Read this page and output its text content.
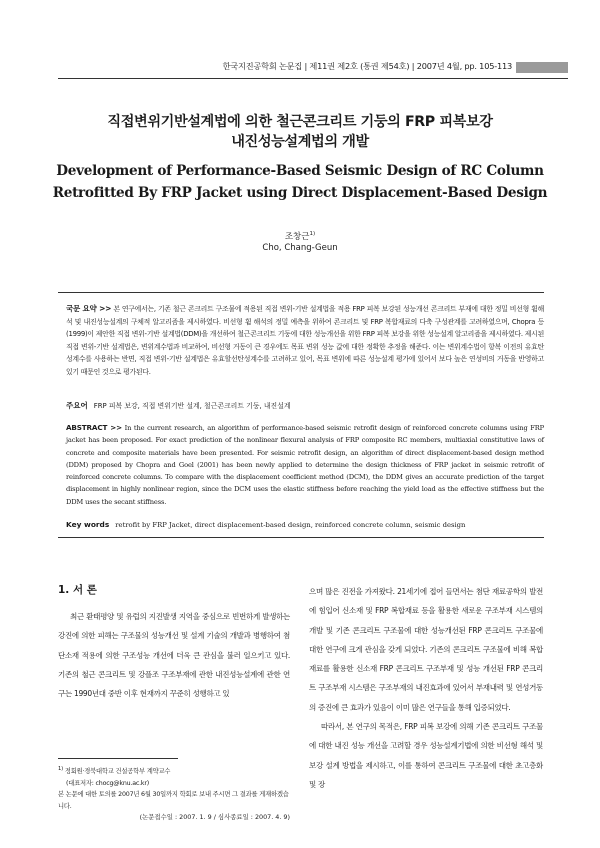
한국지진공학회 논문집 | 제11권 제2호 (통권 제54호) | 2007년 4월, pp. 105-113
직접변위기반설계법에 의한 철근콘크리트 기둥의 FRP 피복보강
내진성능설계법의 개발
Development of Performance-Based Seismic Design of RC Column
Retrofitted By FRP Jacket using Direct Displacement-Based Design
조창근$^{1)}$
Cho, Chang-Geun
국문 요약 >> 본 연구에서는, 기존 철근 콘크리트 구조물에 적용된 직접 변위-기반 설계법을 적용 FRP 피복 보강된 성능개선 콘크리트 부재에 대한 정밀 비선형 휨해석 및 내진성능설계의 구체적 알고리즘을 제시하였다. 비선형 휨 해석의 정밀 예측을 위하여 콘크리트 및 FRP 복합재료의 다축 구성관계를 고려하였으며, Chopra 등(1999)이 제안한 직접 변위-기반 설계법(DDM)을 개선하여 철근콘크리트 기둥에 대한 성능개선을 위한 FRP 피복 보강을 위한 성능설계 알고리즘을 제시하였다. 제시된 직접 변위-기반 설계법은, 변위계수법과 비교하여, 비선형 거동이 큰 경우에도 목표 변위 성능 값에 대한 정확한 추정을 해준다. 이는 변위계수법이 항복 이전의 유효탄성계수를 사용하는 반면, 직접 변위-기반 설계법은 유효할선탄성계수를 고려하고 있어, 목표 변위에 따른 성능설계 평가에 있어서 보다 높은 연성비의 거동을 반영하고 있기 때문인 것으로 평가된다.
주요어 FRP 피복 보강, 직접 변위기반 설계, 철근콘크리트 기둥, 내진설계
ABSTRACT >> In the current research, an algorithm of performance-based seismic retrofit design of reinforced concrete columns using FRP jacket has been proposed. For exact prediction of the nonlinear flexural analysis of FRP composite RC members, multiaxial constitutive laws of concrete and composite materials have been presented. For seismic retrofit design, an algorithm of direct displacement-based design method (DDM) proposed by Chopra and Goel (2001) has been newly applied to determine the design thickness of FRP jacket in seismic retrofit of reinforced concrete columns. To compare with the displacement coefficient method (DCM), the DDM gives an accurate prediction of the target displacement in highly nonlinear region, since the DCM uses the elastic stiffness before reaching the yield load as the effective stiffness but the DDM uses the secant stiffness.
Key words retrofit by FRP Jacket, direct displacement-based design, reinforced concrete column, seismic design
1. 서 론

최근 환태평양 및 유럽의 지진발생 지역을 중심으로 빈번하게 발생하는 강진에 의한 피해는 구조물의 성능개선 및 설계 기술의 개발과 병행하여 첨단소재 적용에 의한 구조성능 개선에 더욱 큰 관심을 불러 일으키고 있다. 기존의 철근 콘크리트 및 강플조 구조부재에 관한 내진성능설계에 관한 연구는 1990년대 중반 이후 현재까지 꾸준히 성행하고 있

으며 많은 진전을 가져왔다. 21세기에 접어 들면서는 첨단 재료공학의 발전에 힘입어 신소재 및 FRP 복합재료 등을 활용한 새로운 구조부재 시스템의 개발 및 기존 콘크리트 구조물에 대한 성능개선된 FRP 콘크리트 구조물에 대한 연구에 크게 관심을 갖게 되었다. 기존의 콘크리트 구조물에 비해 복합재료를 활용한 신소재 FRP 콘크리트 구조부재 및 성능 개선된 FRP 콘크리트 구조부재 시스템은 구조부재의 내진효과에 있어서 부재내력 및 연성거동의 증진에 큰 효과가 있음이 이미 많은 연구들을 통해 입증되었다.

따라서, 본 연구의 목적은, FRP 피복 보강에 의해 기존 콘크리트 구조물에 대한 내진 성능 개선을 고려할 경우 성능설계기법에 의한 비선형 해석 및 보강 설계 방법을 제시하고, 이를 통하여 콘크리트 구조물에 대한 초고층화 및 장

$^{1)}$ 정회원·경북대학교 건설공학부 계약교수
(대표저자: chocg@knu.ac.kr)
본 논문에 대한 토의를 2007년 6월 30일까지 학회로 보내 주시면 그 결과를 게재하겠습니다.
(논문접수일 : 2007. 1. 9 / 심사종료일 : 2007. 4. 9)
